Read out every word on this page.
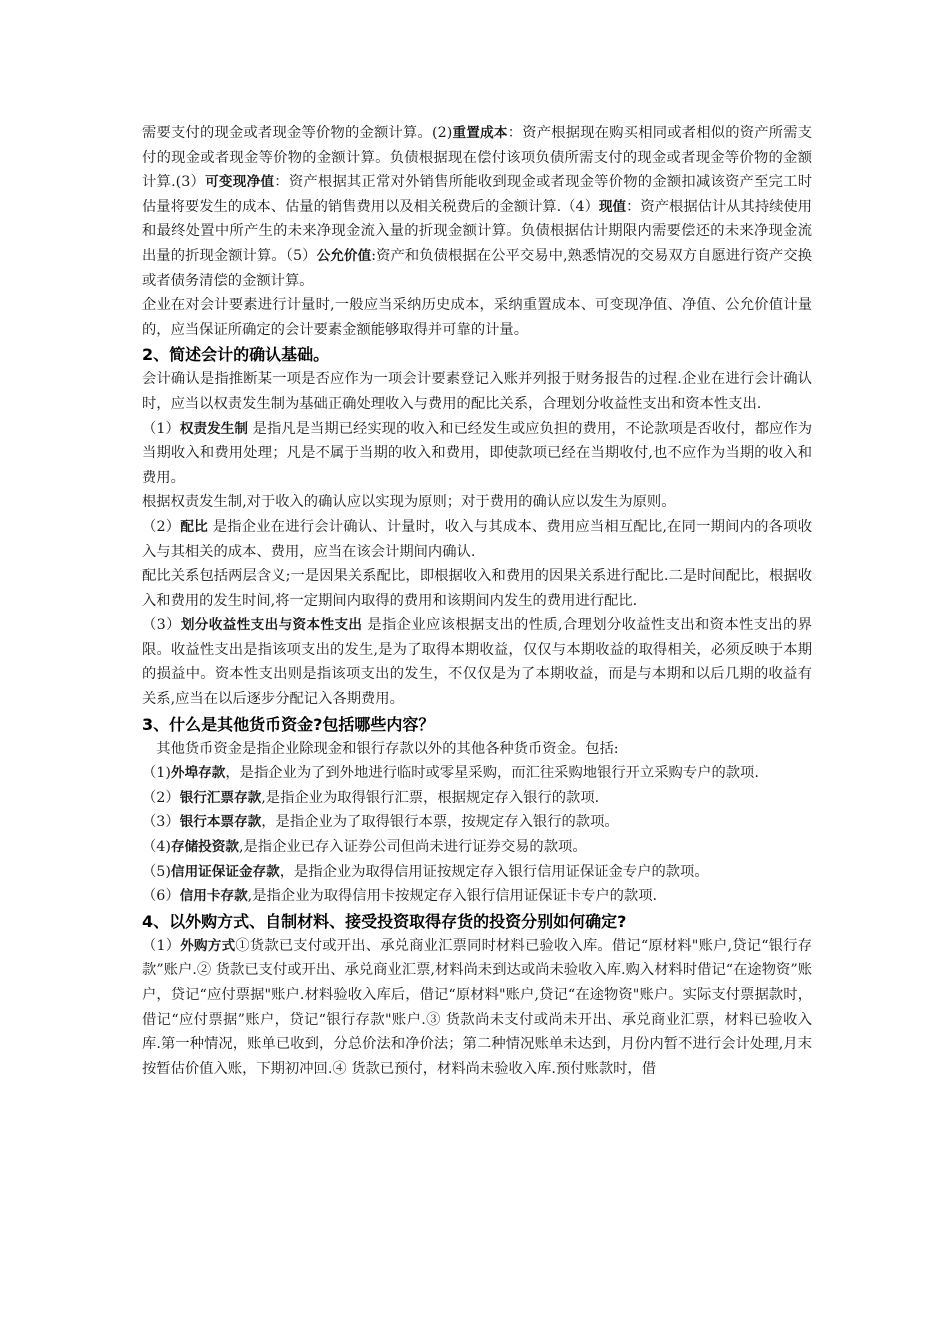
需要支付的现金或者现金等价物的金额计算。(2)重置成本：资产根据现在购买相同或者相似的资产所需支付的现金或者现金等价物的金额计算。负债根据现在偿付该项负债所需支付的现金或者现金等价物的金额计算.(3）可变现净值：资产根据其正常对外销售所能收到现金或者现金等价物的金额扣减该资产至完工时估量将要发生的成本、估量的销售费用以及相关税费后的金额计算.（4）现值：资产根据估计从其持续使用和最终处置中所产生的未来净现金流入量的折现金额计算。负债根据估计期限内需要偿还的未来净现金流出量的折现金额计算。（5）公允价值:资产和负债根据在公平交易中,熟悉情况的交易双方自愿进行资产交换或者债务清偿的金额计算。

企业在对会计要素进行计量时,一般应当采纳历史成本，采纳重置成本、可变现净值、净值、公允价值计量的，应当保证所确定的会计要素金额能够取得并可靠的计量。

2、简述会计的确认基础。

会计确认是指推断某一项是否应作为一项会计要素登记入账并列报于财务报告的过程.企业在进行会计确认时，应当以权责发生制为基础正确处理收入与费用的配比关系，合理划分收益性支出和资本性支出.

（1）权责发生制 是指凡是当期已经实现的收入和已经发生或应负担的费用，不论款项是否收付，都应作为当期收入和费用处理；凡是不属于当期的收入和费用，即使款项已经在当期收付,也不应作为当期的收入和费用。

根据权责发生制,对于收入的确认应以实现为原则；对于费用的确认应以发生为原则。

（2）配比 是指企业在进行会计确认、计量时，收入与其成本、费用应当相互配比,在同一期间内的各项收入与其相关的成本、费用，应当在该会计期间内确认.

配比关系包括两层含义;一是因果关系配比，即根据收入和费用的因果关系进行配比.二是时间配比，根据收入和费用的发生时间,将一定期间内取得的费用和该期间内发生的费用进行配比.

（3）划分收益性支出与资本性支出 是指企业应该根据支出的性质,合理划分收益性支出和资本性支出的界限。收益性支出是指该项支出的发生,是为了取得本期收益，仅仅与本期收益的取得相关，必须反映于本期的损益中。资本性支出则是指该项支出的发生，不仅仅是为了本期收益，而是与本期和以后几期的收益有关系,应当在以后逐步分配记入各期费用。

3、什么是其他货币资金?包括哪些内容？

其他货币资金是指企业除现金和银行存款以外的其他各种货币资金。包括:

（1)外埠存款，是指企业为了到外地进行临时或零星采购，而汇往采购地银行开立采购专户的款项.

（2）银行汇票存款,是指企业为取得银行汇票，根据规定存入银行的款项.

（3）银行本票存款，是指企业为了取得银行本票，按规定存入银行的款项。

（4)存储投资款,是指企业已存入证券公司但尚未进行证券交易的款项。

（5)信用证保证金存款，是指企业为取得信用证按规定存入银行信用证保证金专户的款项。

（6）信用卡存款,是指企业为取得信用卡按规定存入银行信用证保证卡专户的款项.

4、以外购方式、自制材料、接受投资取得存货的投资分别如何确定?

（1）外购方式①货款已支付或开出、承兑商业汇票同时材料已验收入库。借记“原材料"账户,贷记“银行存款”账户.② 货款已支付或开出、承兑商业汇票,材料尚未到达或尚未验收入库.购入材料时借记“在途物资”账户，贷记“应付票据"账户.材料验收入库后，借记“原材料"账户,贷记“在途物资"账户。实际支付票据款时，借记“应付票据”账户，贷记“银行存款"账户.③ 货款尚未支付或尚未开出、承兑商业汇票，材料已验收入库.第一种情况，账单已收到，分总价法和净价法；第二种情况账单未达到，月份内暂不进行会计处理,月末按暂估价值入账，下期初冲回.④ 货款已预付，材料尚未验收入库.预付账款时，借
